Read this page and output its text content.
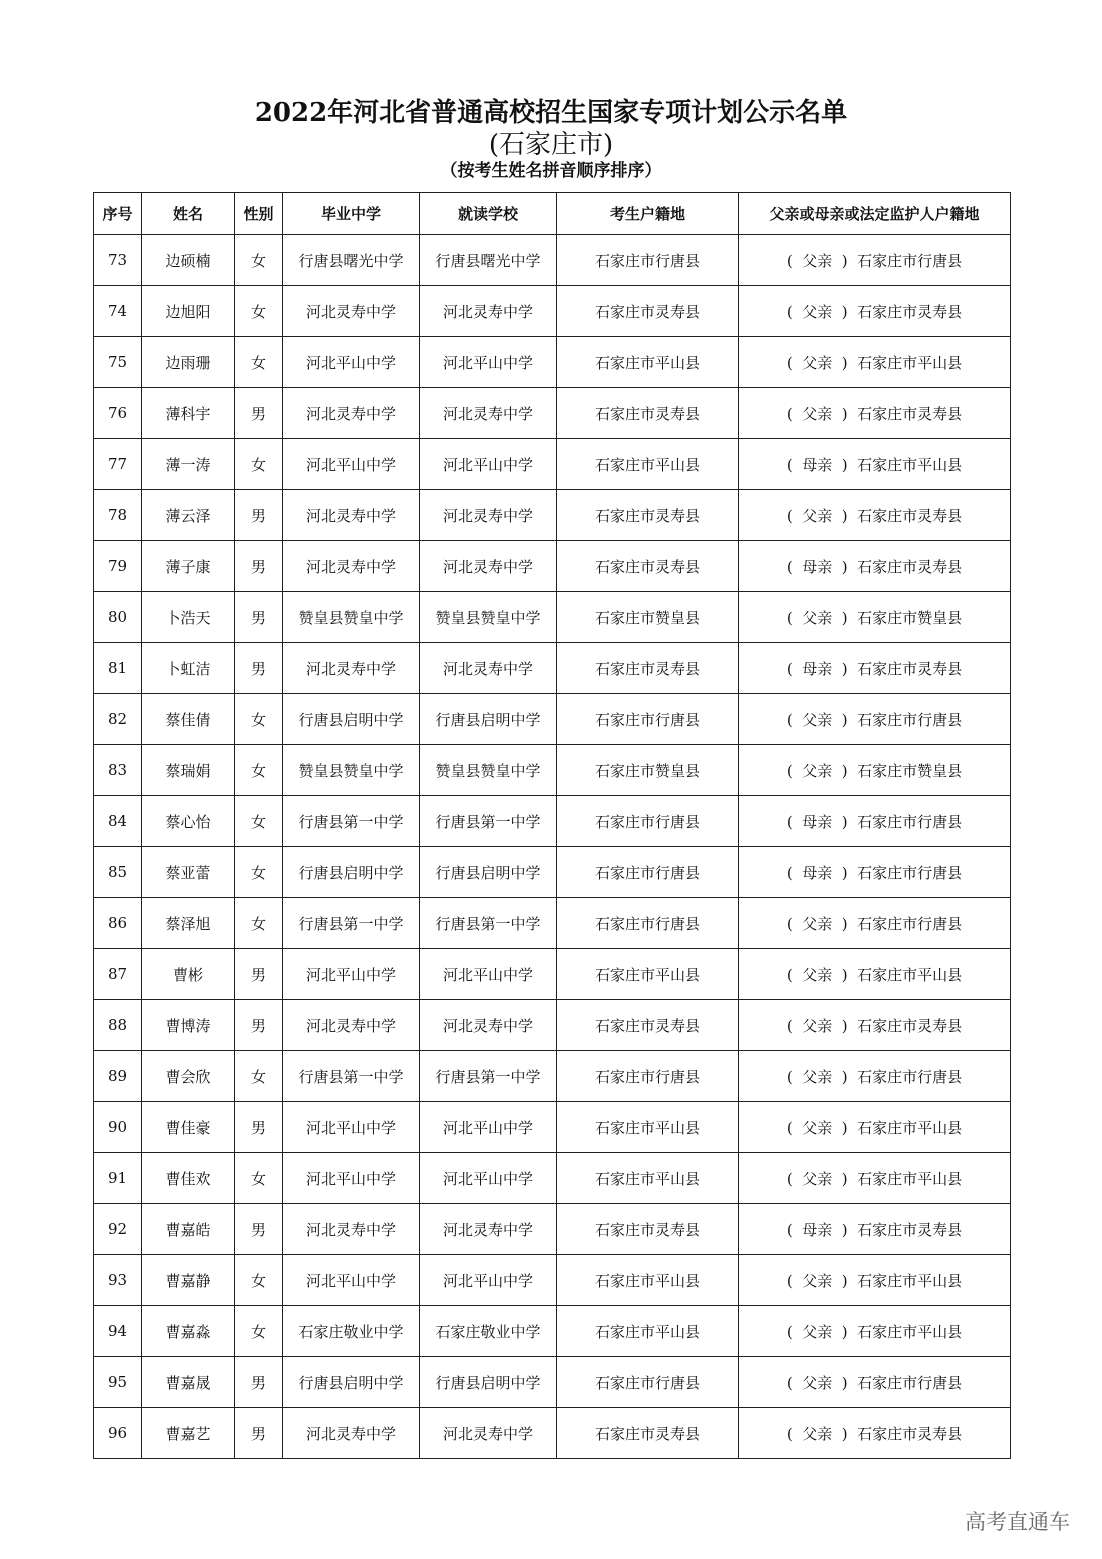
2022年河北省普通高校招生国家专项计划公示名单
(石家庄市)
（按考生姓名拼音顺序排序）
序号	姓名	性别	毕业中学	就读学校	考生户籍地	父亲或母亲或法定监护人户籍地
73	边硕楠	女	行唐县曙光中学	行唐县曙光中学	石家庄市行唐县	(  父亲  ) 石家庄市行唐县
74	边旭阳	女	河北灵寿中学	河北灵寿中学	石家庄市灵寿县	(  父亲  ) 石家庄市灵寿县
75	边雨珊	女	河北平山中学	河北平山中学	石家庄市平山县	(  父亲  ) 石家庄市平山县
76	薄科宇	男	河北灵寿中学	河北灵寿中学	石家庄市灵寿县	(  父亲  ) 石家庄市灵寿县
77	薄一涛	女	河北平山中学	河北平山中学	石家庄市平山县	(  母亲  ) 石家庄市平山县
78	薄云泽	男	河北灵寿中学	河北灵寿中学	石家庄市灵寿县	(  父亲  ) 石家庄市灵寿县
79	薄子康	男	河北灵寿中学	河北灵寿中学	石家庄市灵寿县	(  母亲  ) 石家庄市灵寿县
80	卜浩天	男	赞皇县赞皇中学	赞皇县赞皇中学	石家庄市赞皇县	(  父亲  ) 石家庄市赞皇县
81	卜虹洁	男	河北灵寿中学	河北灵寿中学	石家庄市灵寿县	(  母亲  ) 石家庄市灵寿县
82	蔡佳倩	女	行唐县启明中学	行唐县启明中学	石家庄市行唐县	(  父亲  ) 石家庄市行唐县
83	蔡瑞娟	女	赞皇县赞皇中学	赞皇县赞皇中学	石家庄市赞皇县	(  父亲  ) 石家庄市赞皇县
84	蔡心怡	女	行唐县第一中学	行唐县第一中学	石家庄市行唐县	(  母亲  ) 石家庄市行唐县
85	蔡亚蕾	女	行唐县启明中学	行唐县启明中学	石家庄市行唐县	(  母亲  ) 石家庄市行唐县
86	蔡泽旭	女	行唐县第一中学	行唐县第一中学	石家庄市行唐县	(  父亲  ) 石家庄市行唐县
87	曹彬	男	河北平山中学	河北平山中学	石家庄市平山县	(  父亲  ) 石家庄市平山县
88	曹博涛	男	河北灵寿中学	河北灵寿中学	石家庄市灵寿县	(  父亲  ) 石家庄市灵寿县
89	曹会欣	女	行唐县第一中学	行唐县第一中学	石家庄市行唐县	(  父亲  ) 石家庄市行唐县
90	曹佳豪	男	河北平山中学	河北平山中学	石家庄市平山县	(  父亲  ) 石家庄市平山县
91	曹佳欢	女	河北平山中学	河北平山中学	石家庄市平山县	(  父亲  ) 石家庄市平山县
92	曹嘉皓	男	河北灵寿中学	河北灵寿中学	石家庄市灵寿县	(  母亲  ) 石家庄市灵寿县
93	曹嘉静	女	河北平山中学	河北平山中学	石家庄市平山县	(  父亲  ) 石家庄市平山县
94	曹嘉淼	女	石家庄敬业中学	石家庄敬业中学	石家庄市平山县	(  父亲  ) 石家庄市平山县
95	曹嘉晟	男	行唐县启明中学	行唐县启明中学	石家庄市行唐县	(  父亲  ) 石家庄市行唐县
96	曹嘉艺	男	河北灵寿中学	河北灵寿中学	石家庄市灵寿县	(  父亲  ) 石家庄市灵寿县
高考直通车
